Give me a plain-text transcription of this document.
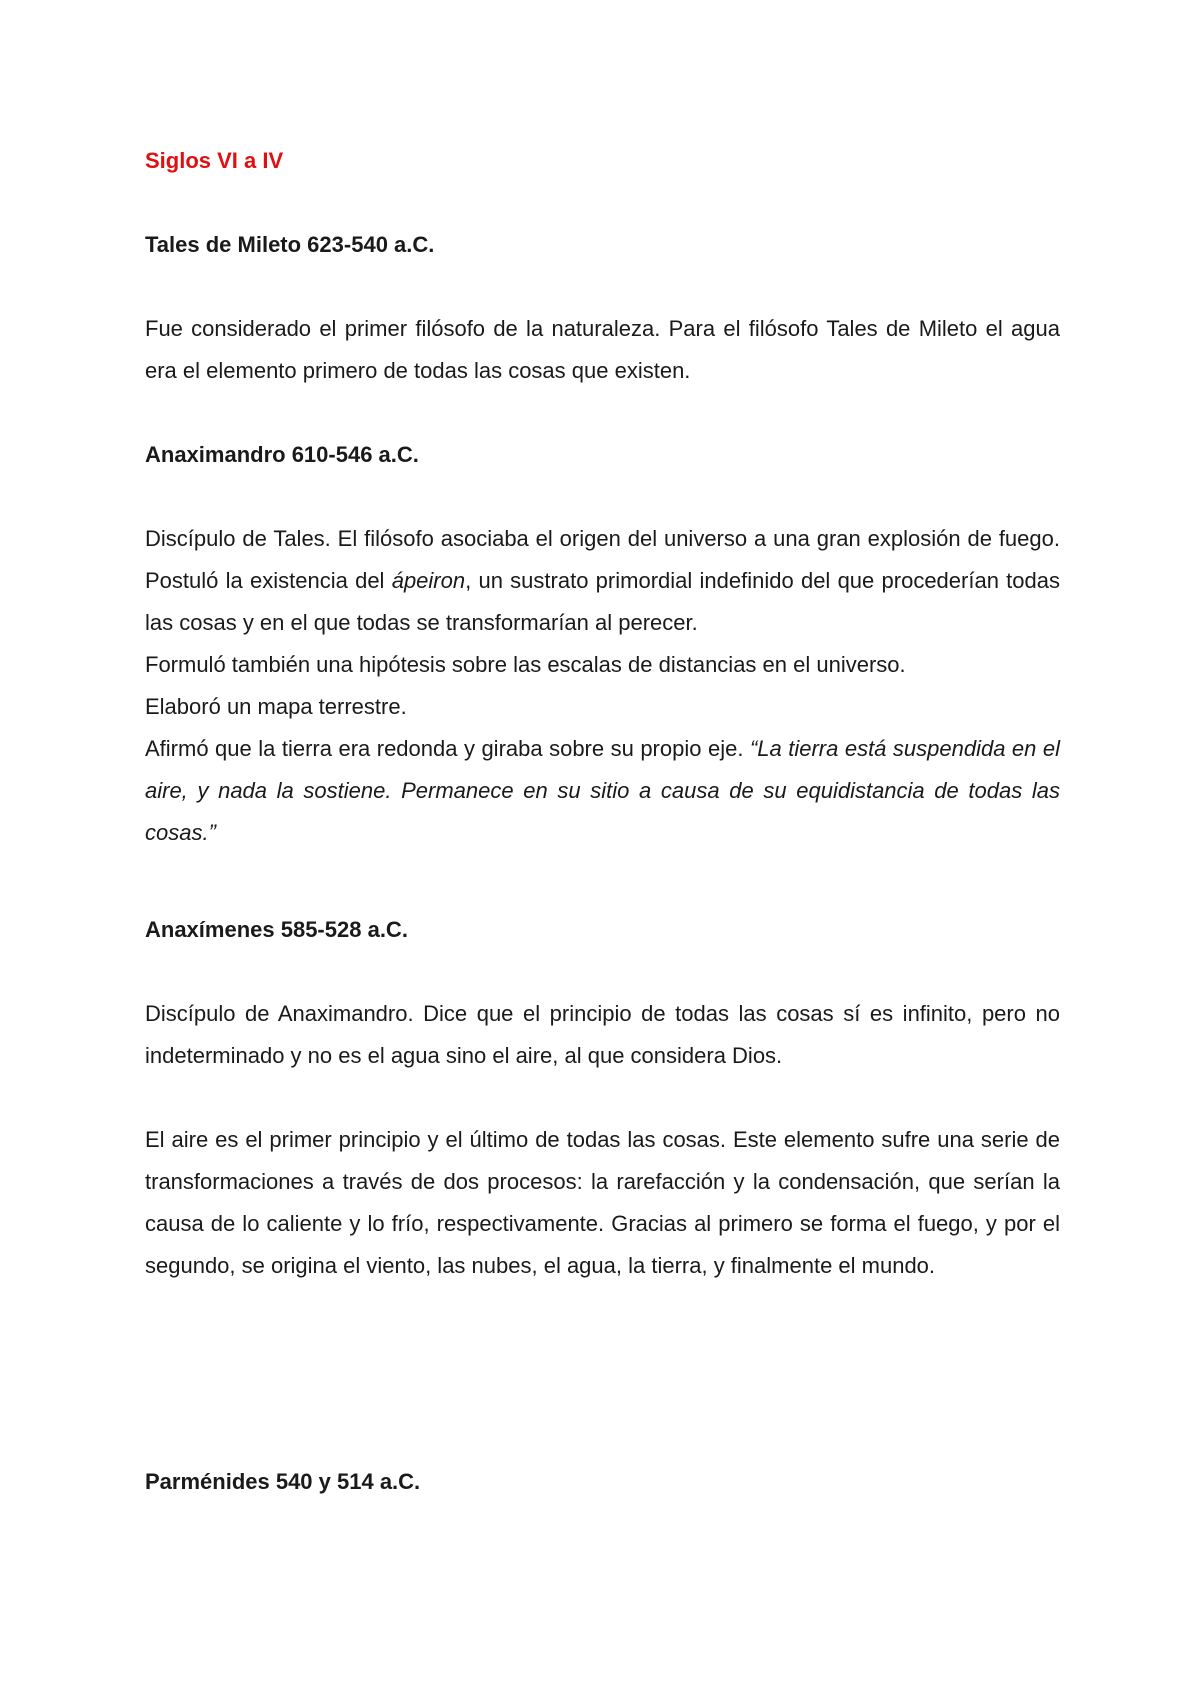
Siglos VI a IV
Tales de Mileto 623-540 a.C.

Fue considerado el primer filósofo de la naturaleza. Para el filósofo Tales de Mileto el agua era el elemento primero de todas las cosas que existen.

Anaximandro 610-546 a.C.

Discípulo de Tales. El filósofo asociaba el origen del universo a una gran explosión de fuego. Postuló la existencia del ápeiron, un sustrato primordial indefinido del que procederían todas las cosas y en el que todas se transformarían al perecer.

Formuló también una hipótesis sobre las escalas de distancias en el universo.

Elaboró un mapa terrestre.

Afirmó que la tierra era redonda y giraba sobre su propio eje. “La tierra está suspendida en el aire, y nada la sostiene. Permanece en su sitio a causa de su equidistancia de todas las cosas.”

Anaxímenes 585-528 a.C.

Discípulo de Anaximandro. Dice que el principio de todas las cosas sí es infinito, pero no indeterminado y no es el agua sino el aire, al que considera Dios.

El aire es el primer principio y el último de todas las cosas. Este elemento sufre una serie de transformaciones a través de dos procesos: la rarefacción y la condensación, que serían la causa de lo caliente y lo frío, respectivamente. Gracias al primero se forma el fuego, y por el segundo, se origina el viento, las nubes, el agua, la tierra, y finalmente el mundo.

Parménides 540 y 514 a.C.
